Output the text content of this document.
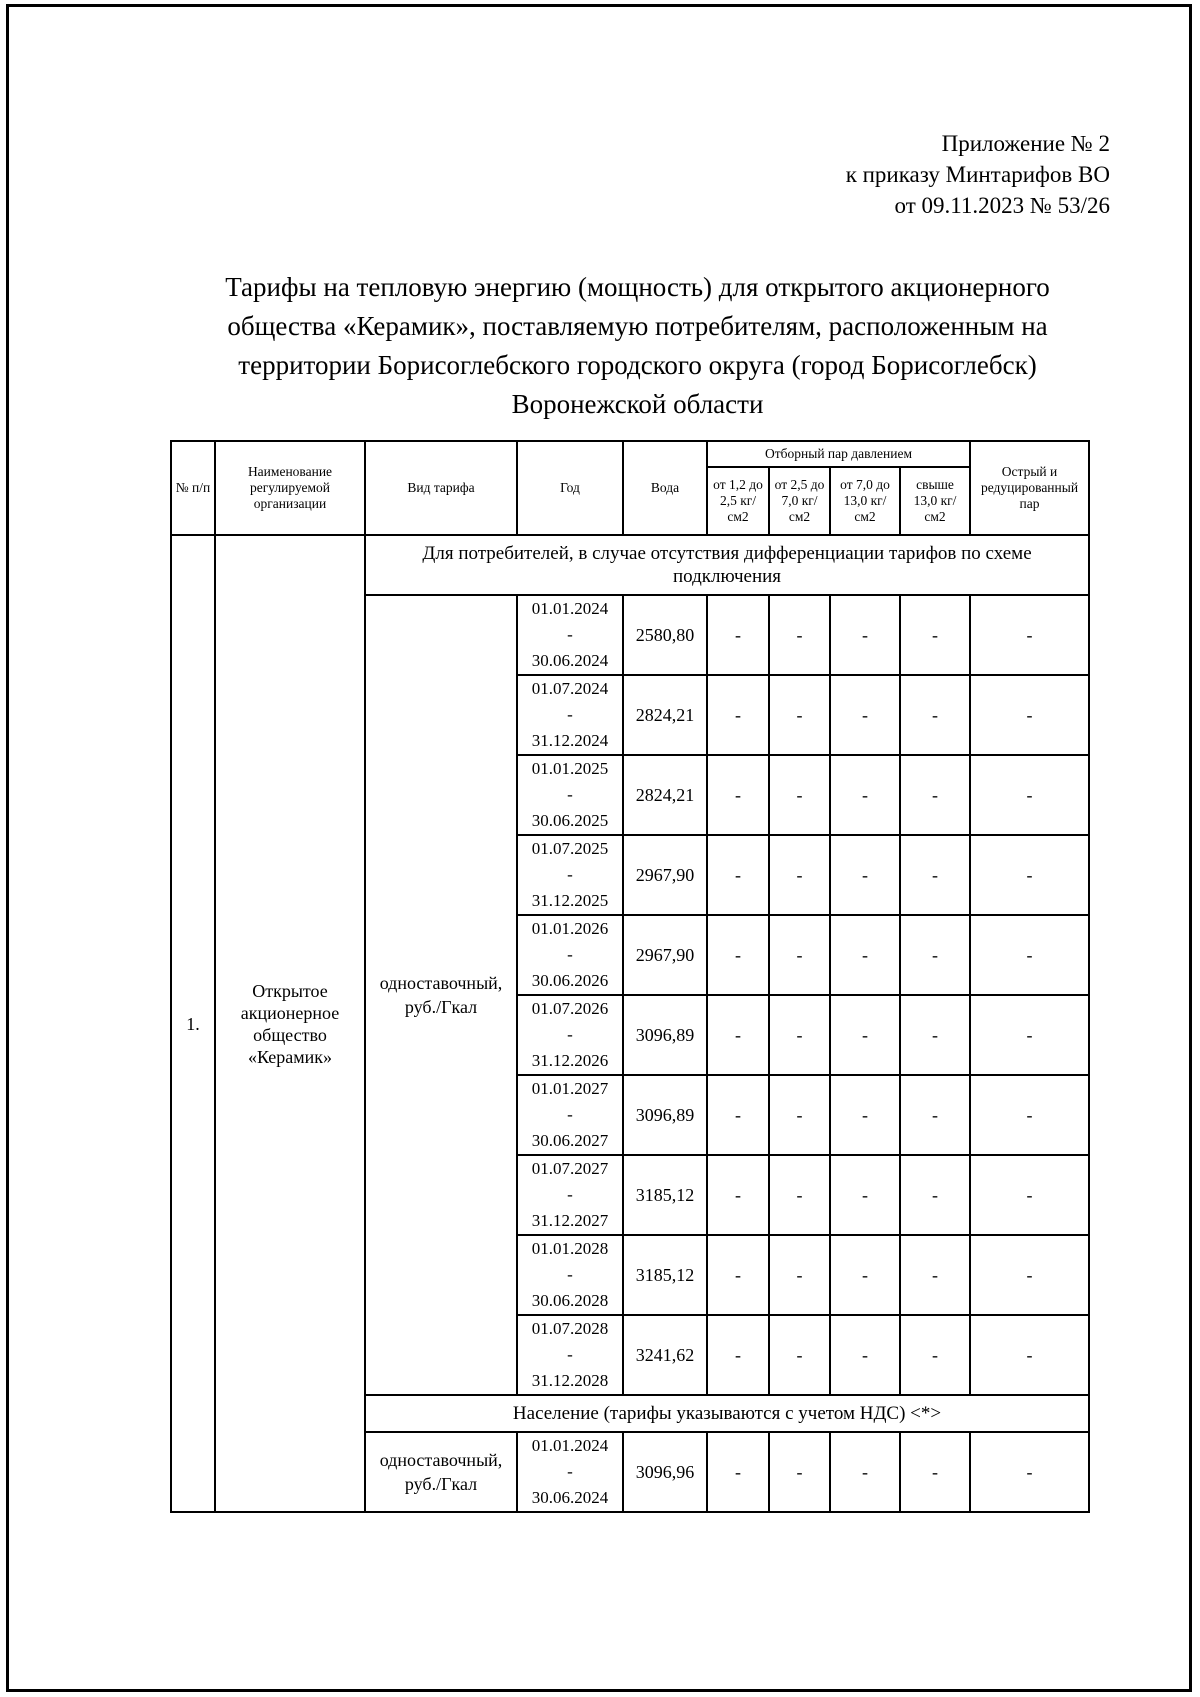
Приложение № 2
к приказу Минтарифов ВО
от 09.11.2023 № 53/26
Тарифы на тепловую энергию (мощность) для открытого акционерного
общества «Керамик», поставляемую потребителям, расположенным на
территории Борисоглебского городского округа (город Борисоглебск)
Воронежской области
№ п/п	Наименование регулируемой организации	Вид тарифа	Год	Вода	Отборный пар давлением				Острый и редуцированный пар
					от 1,2 до 2,5 кг/см2	от 2,5 до 7,0 кг/см2	от 7,0 до 13,0 кг/см2	свыше 13,0 кг/см2	
1.	Открытое акционерное общество «Керамик»	Для потребителей, в случае отсутствия дифференциации тарифов по схеме подключения							
		одноставочный, руб./Гкал	01.01.2024
-
30.06.2024	2580,80	-	-	-	-	-

			01.07.2024
-
31.12.2024	2824,21	-	-	-	-	-

			01.01.2025
-
30.06.2025	2824,21	-	-	-	-	-

			01.07.2025
-
31.12.2025	2967,90	-	-	-	-	-

			01.01.2026
-
30.06.2026	2967,90	-	-	-	-	-

			01.07.2026
-
31.12.2026	3096,89	-	-	-	-	-

			01.01.2027
-
30.06.2027	3096,89	-	-	-	-	-

			01.07.2027
-
31.12.2027	3185,12	-	-	-	-	-

			01.01.2028
-
30.06.2028	3185,12	-	-	-	-	-

			01.07.2028
-
31.12.2028	3241,62	-	-	-	-	-
		Население (тарифы указываются с учетом НДС) <*>							
		одноставочный, руб./Гкал	01.01.2024
-
30.06.2024	3096,96	-	-	-	-	-
